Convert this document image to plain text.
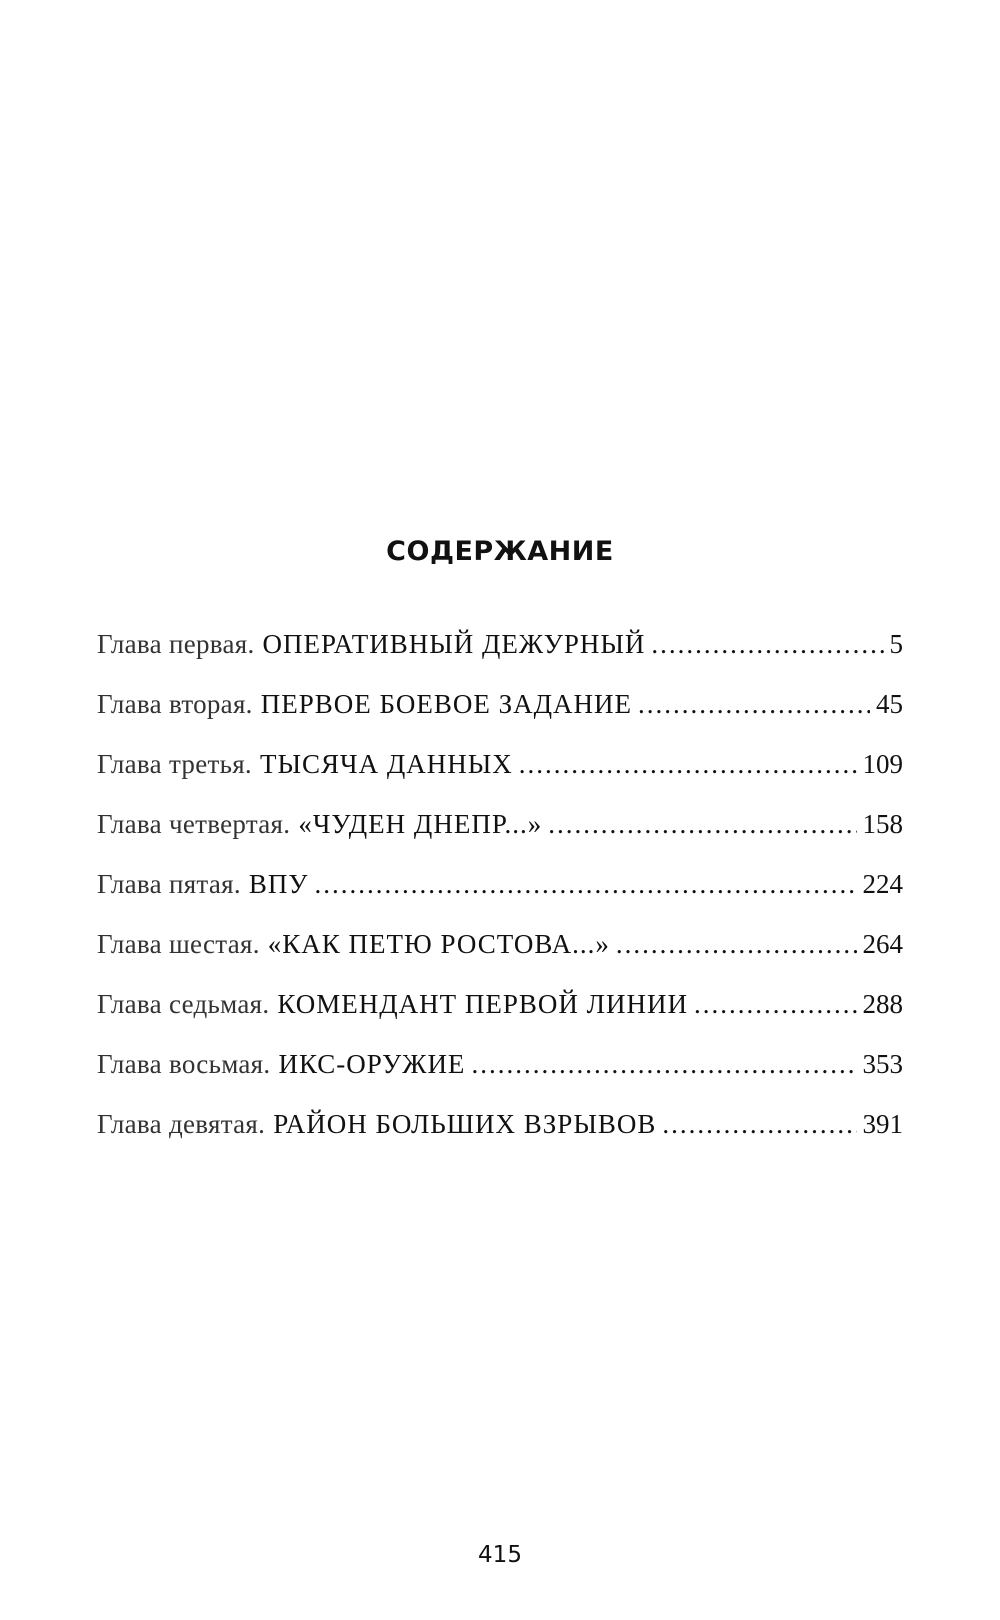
СОДЕРЖАНИЕ
Глава первая. ОПЕРАТИВНЫЙ ДЕЖУРНЫЙ .....	5
Глава вторая. ПЕРВОЕ БОЕВОЕ ЗАДАНИЕ .....	45
Глава третья. ТЫСЯЧА ДАННЫХ .....	109
Глава четвертая. «ЧУДЕН ДНЕПР...» .....	158
Глава пятая. ВПУ .....	224
Глава шестая. «КАК ПЕТЮ РОСТОВА...» .....	264
Глава седьмая. КОМЕНДАНТ ПЕРВОЙ ЛИНИИ .....	288
Глава восьмая. ИКС-ОРУЖИЕ .....	353
Глава девятая. РАЙОН БОЛЬШИХ ВЗРЫВОВ .....	391
415
